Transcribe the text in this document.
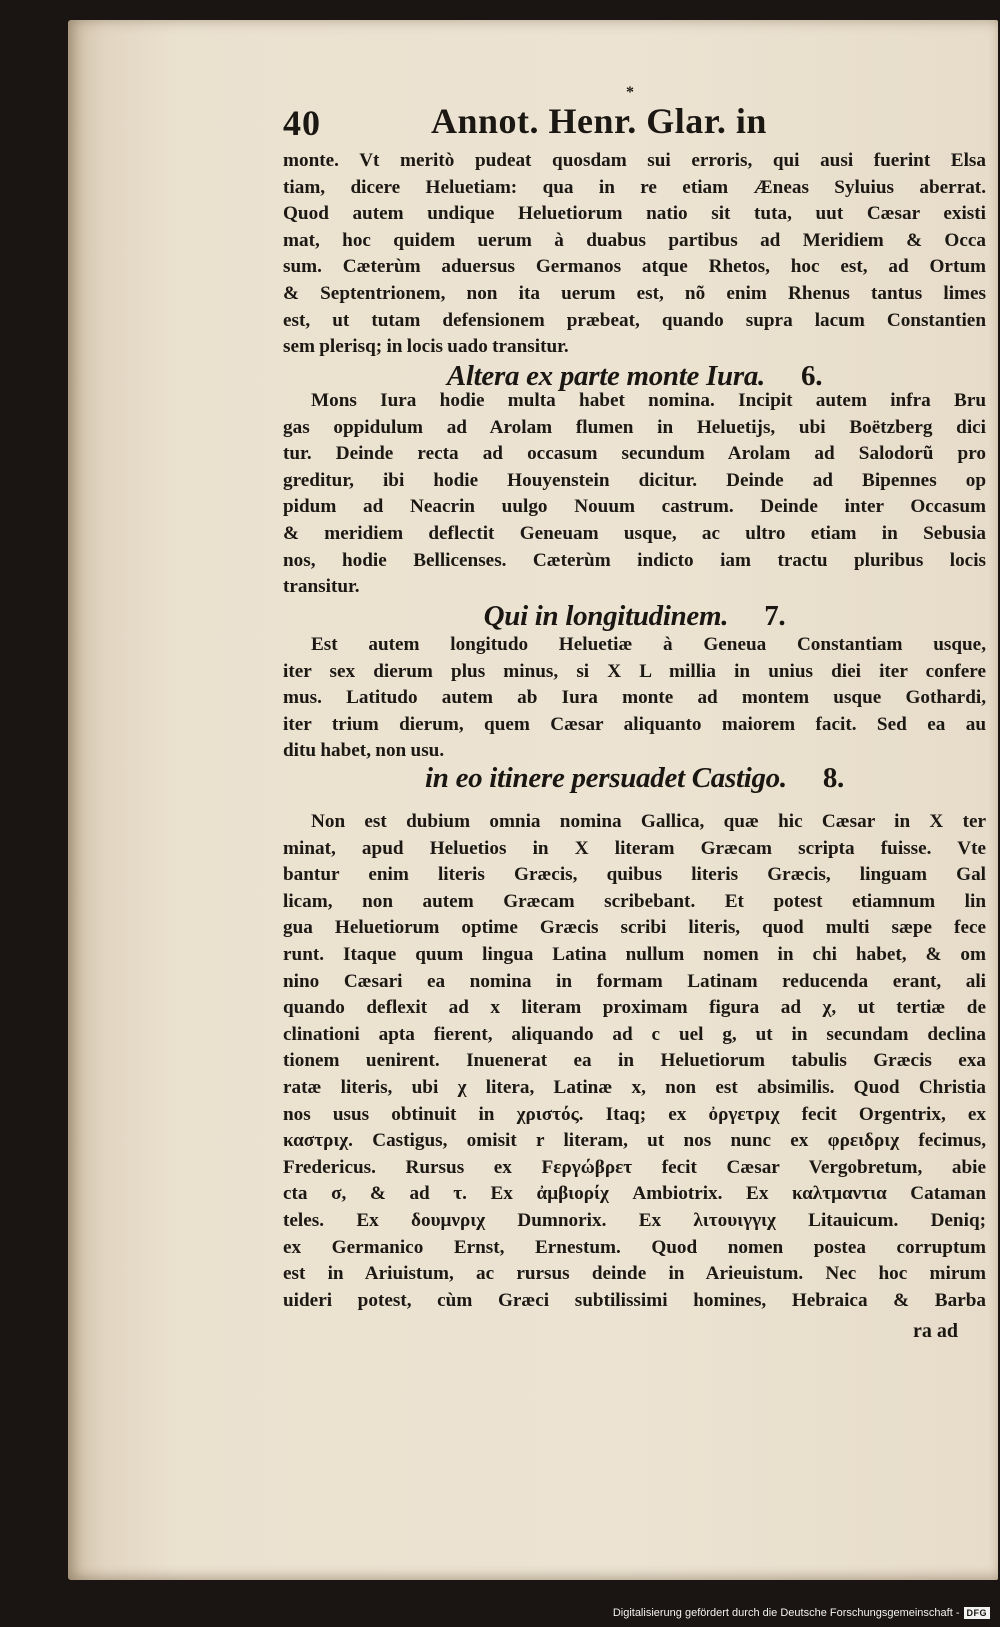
40	Annot. Henr. Glar. in
*

monte. Vt meritò pudeat quosdam sui erroris, qui ausi fuerint Elsa

tiam, dicere Heluetiam: qua in re etiam Æneas Syluius aberrat.

Quod autem undique Heluetiorum natio sit tuta, uut Cæsar existi

mat, hoc quidem uerum à duabus partibus ad Meridiem & Occa

sum. Cæterùm aduersus Germanos atque Rhetos, hoc est, ad Ortum

& Septentrionem, non ita uerum est, nõ enim Rhenus tantus limes

est, ut tutam defensionem præbeat, quando supra lacum Constantien

sem plerisq; in locis uado transitur.

Altera ex parte monte Iura. 6.

Mons Iura hodie multa habet nomina. Incipit autem infra Bru

gas oppidulum ad Arolam flumen in Heluetijs, ubi Boëtzberg dici

tur. Deinde recta ad occasum secundum Arolam ad Salodorũ pro

greditur, ibi hodie Houyenstein dicitur. Deinde ad Bipennes op

pidum ad Neacrin uulgo Nouum castrum. Deinde inter Occasum

& meridiem deflectit Geneuam usque, ac ultro etiam in Sebusia

nos, hodie Bellicenses. Cæterùm indicto iam tractu pluribus locis

transitur.

Qui in longitudinem. 7.

Est autem longitudo Heluetiæ à Geneua Constantiam usque,

iter sex dierum plus minus, si X L millia in unius diei iter confere

mus. Latitudo autem ab Iura monte ad montem usque Gothardi,

iter trium dierum, quem Cæsar aliquanto maiorem facit. Sed ea au

ditu habet, non usu.

in eo itinere persuadet Castigo. 8.

Non est dubium omnia nomina Gallica, quæ hic Cæsar in X ter

minat, apud Heluetios in X literam Græcam scripta fuisse. Vte

bantur enim literis Græcis, quibus literis Græcis, linguam Gal

licam, non autem Græcam scribebant. Et potest etiamnum lin

gua Heluetiorum optime Græcis scribi literis, quod multi sæpe fece

runt. Itaque quum lingua Latina nullum nomen in chi habet, & om

nino Cæsari ea nomina in formam Latinam reducenda erant, ali

quando deflexit ad x literam proximam figura ad χ, ut tertiæ de

clinationi apta fierent, aliquando ad c uel g, ut in secundam declina

tionem uenirent. Inuenerat ea in Heluetiorum tabulis Græcis exa

ratæ literis, ubi χ litera, Latinæ x, non est absimilis. Quod Christia

nos usus obtinuit in χριστός. Itaq; ex ὀργετριχ fecit Orgentrix, ex

καστριχ. Castigus, omisit r literam, ut nos nunc ex φρειδριχ fecimus,

Fredericus. Rursus ex Fεργώβρετ fecit Cæsar Vergobretum, abie

cta σ, & ad τ. Ex ἀμβιορίχ Ambiotrix. Ex καλτμαντια Cataman

teles. Ex δουμνριχ Dumnorix. Ex λιτουιγγιχ Litauicum. Deniq;

ex Germanico Ernst, Ernestum. Quod nomen postea corruptum

est in Ariuistum, ac rursus deinde in Arieuistum. Nec hoc mirum

uideri potest, cùm Græci subtilissimi homines, Hebraica & Barba

ra ad
Digitalisierung gefördert durch die Deutsche Forschungsgemeinschaft - DFG
